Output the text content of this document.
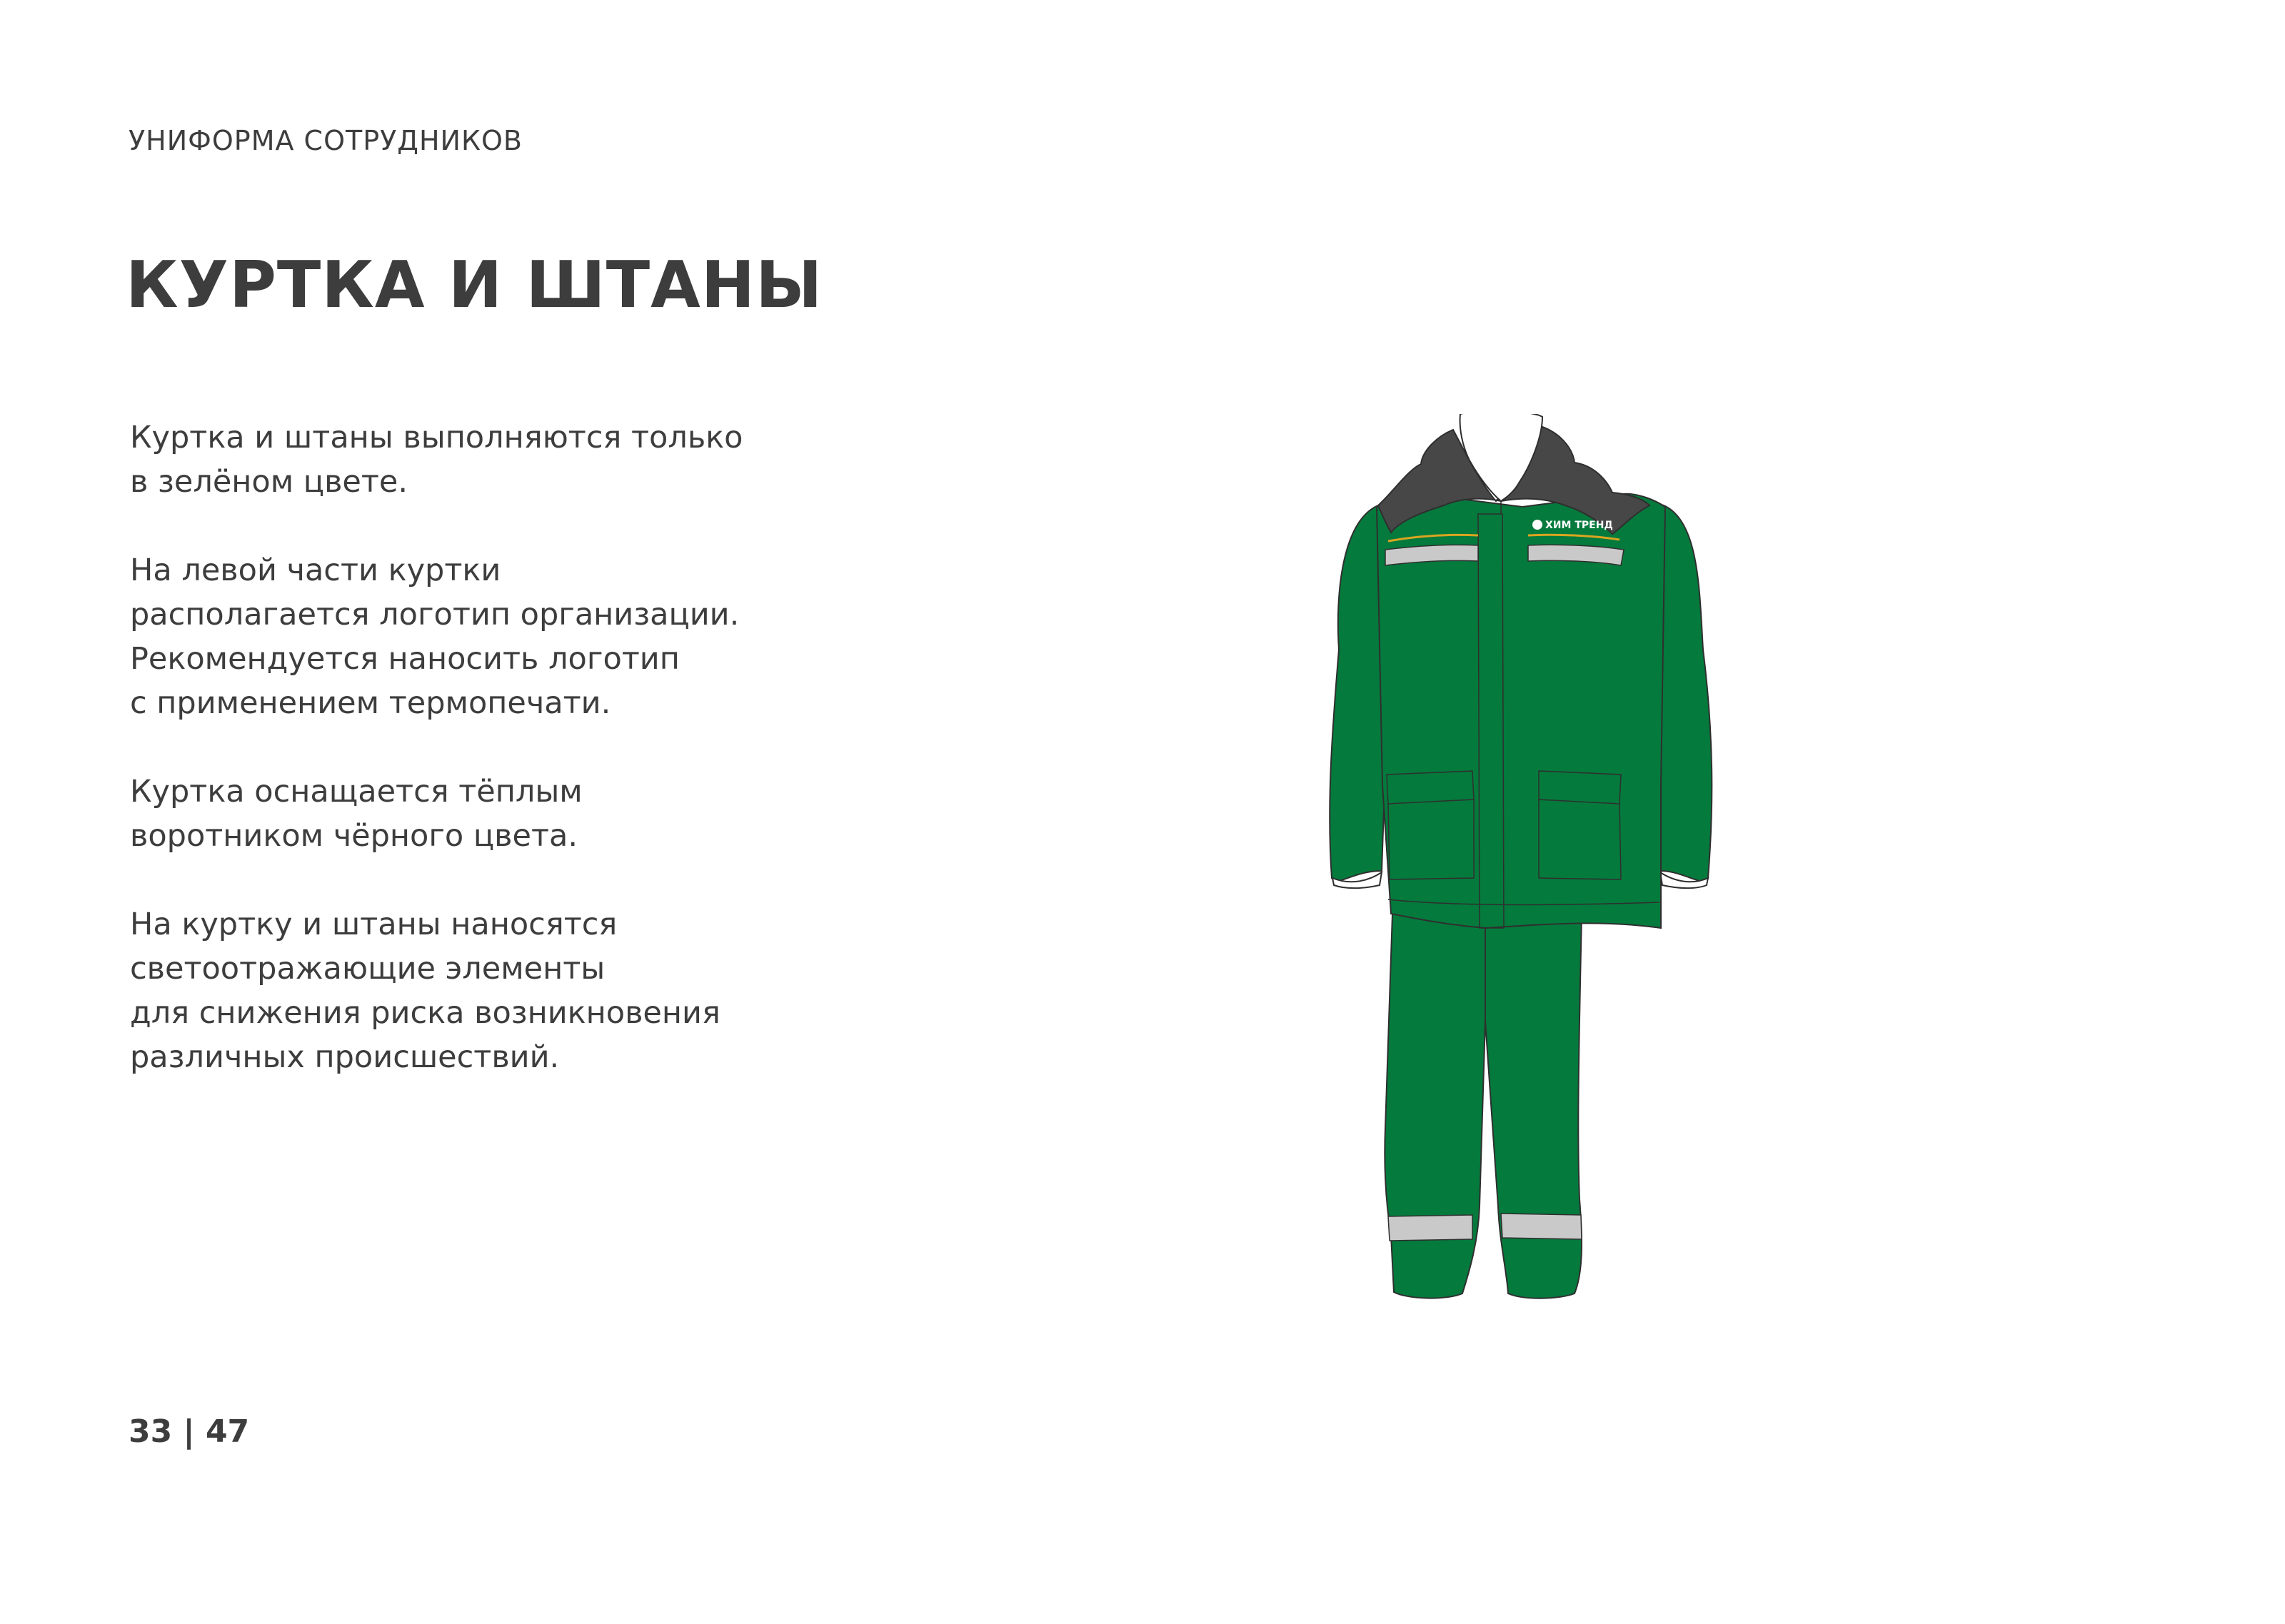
УНИФОРМА СОТРУДНИКОВ
КУРТКА И ШТАНЫ

Куртка и штаны выполняются только
в зелёном цвете.

На левой части куртки
располагается логотип организации.
Рекомендуется наносить логотип
с применением термопечати.

Куртка оснащается тёплым
воротником чёрного цвета.

На куртку и штаны наносятся
светоотражающие элементы
для снижения риска возникновения
различных происшествий.

33 | 47
ХИМ ТРЕНД
